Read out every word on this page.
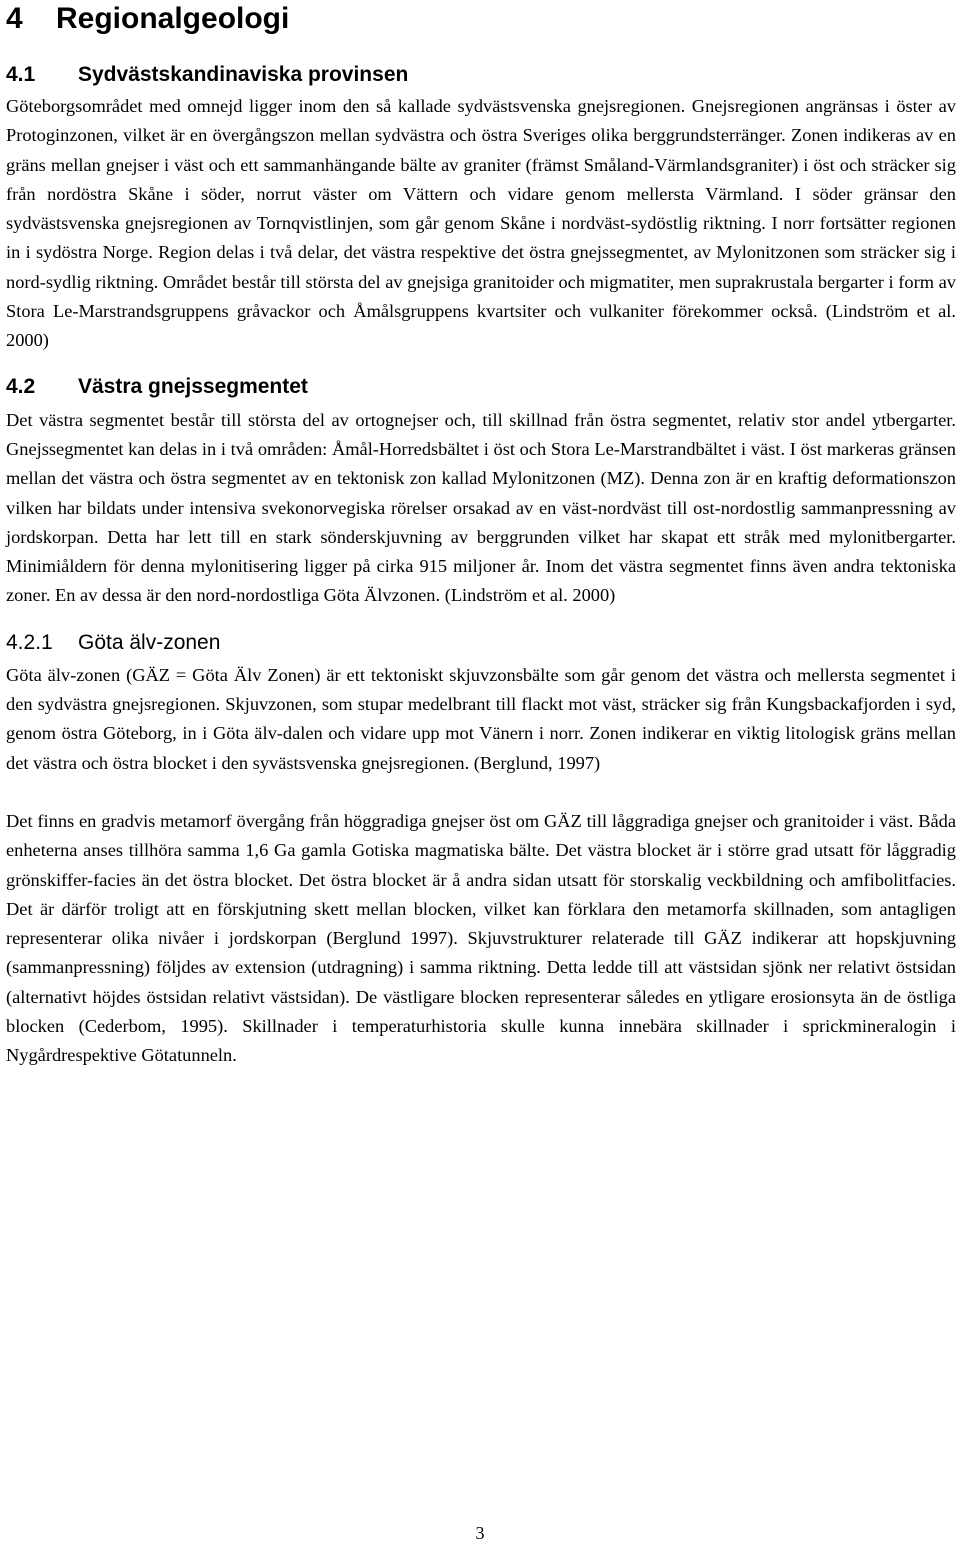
4 Regionalgeologi
4.1 Sydvästskandinaviska provinsen

Göteborgsområdet med omnejd ligger inom den så kallade sydvästsvenska gnejsregionen. Gnejsregionen angränsas i öster av Protoginzonen, vilket är en övergångszon mellan sydvästra och östra Sveriges olika berggrundsterränger. Zonen indikeras av en gräns mellan gnejser i väst och ett sammanhängande bälte av graniter (främst Småland-Värmlandsgraniter) i öst och sträcker sig från nordöstra Skåne i söder, norrut väster om Vättern och vidare genom mellersta Värmland. I söder gränsar den sydvästsvenska gnejsregionen av Tornqvistlinjen, som går genom Skåne i nordväst-sydöstlig riktning. I norr fortsätter regionen in i sydöstra Norge. Region delas i två delar, det västra respektive det östra gnejssegmentet, av Mylonitzonen som sträcker sig i nord-sydlig riktning. Området består till största del av gnejsiga granitoider och migmatiter, men suprakrustala bergarter i form av Stora Le-Marstrandsgruppens gråvackor och Åmålsgruppens kvartsiter och vulkaniter förekommer också. (Lindström et al. 2000)

4.2 Västra gnejssegmentet

Det västra segmentet består till största del av ortognejser och, till skillnad från östra segmentet, relativ stor andel ytbergarter. Gnejssegmentet kan delas in i två områden: Åmål-Horredsbältet i öst och Stora Le-Marstrandbältet i väst. I öst markeras gränsen mellan det västra och östra segmentet av en tektonisk zon kallad Mylonitzonen (MZ). Denna zon är en kraftig deformationszon vilken har bildats under intensiva svekonorvegiska rörelser orsakad av en väst-nordväst till ost-nordostlig sammanpressning av jordskorpan. Detta har lett till en stark sönderskjuvning av berggrunden vilket har skapat ett stråk med mylonitbergarter. Minimiåldern för denna mylonitisering ligger på cirka 915 miljoner år. Inom det västra segmentet finns även andra tektoniska zoner. En av dessa är den nord-nordostliga Göta Älvzonen. (Lindström et al. 2000)

4.2.1 Göta älv-zonen

Göta älv-zonen (GÄZ = Göta Älv Zonen) är ett tektoniskt skjuvzonsbälte som går genom det västra och mellersta segmentet i den sydvästra gnejsregionen. Skjuvzonen, som stupar medelbrant till flackt mot väst, sträcker sig från Kungsbackafjorden i syd, genom östra Göteborg, in i Göta älv-dalen och vidare upp mot Vänern i norr. Zonen indikerar en viktig litologisk gräns mellan det västra och östra blocket i den syvästsvenska gnejsregionen. (Berglund, 1997)

Det finns en gradvis metamorf övergång från höggradiga gnejser öst om GÄZ till låggradiga gnejser och granitoider i väst. Båda enheterna anses tillhöra samma 1,6 Ga gamla Gotiska magmatiska bälte. Det västra blocket är i större grad utsatt för låggradig grönskiffer-facies än det östra blocket. Det östra blocket är å andra sidan utsatt för storskalig veckbildning och amfibolitfacies. Det är därför troligt att en förskjutning skett mellan blocken, vilket kan förklara den metamorfa skillnaden, som antagligen representerar olika nivåer i jordskorpan (Berglund 1997). Skjuvstrukturer relaterade till GÄZ indikerar att hopskjuvning (sammanpressning) följdes av extension (utdragning) i samma riktning. Detta ledde till att västsidan sjönk ner relativt östsidan (alternativt höjdes östsidan relativt västsidan). De västligare blocken representerar således en ytligare erosionsyta än de östliga blocken (Cederbom, 1995). Skillnader i temperaturhistoria skulle kunna innebära skillnader i sprickmineralogin i Nygårdrespektive Götatunneln.

3
